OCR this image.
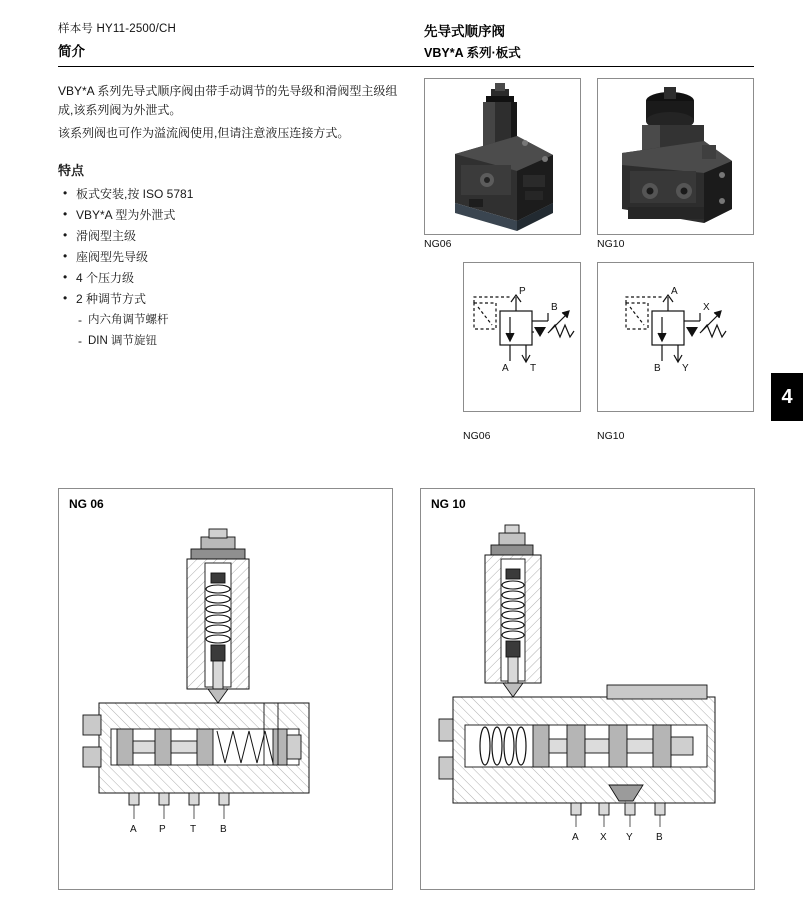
样本号 HY11-2500/CH
简介
先导式顺序阀
VBY*A 系列·板式

VBY*A 系列先导式顺序阀由带手动调节的先导级和滑阀型主级组成,该系列阀为外泄式。

该系列阀也可作为溢流阀使用,但请注意液压连接方式。

特点
• 板式安装,按 ISO 5781
• VBY*A 型为外泄式
• 滑阀型主级
• 座阀型先导级
• 4 个压力级
• 2 种调节方式
- 内六角调节螺杆
- DIN 调节旋钮
NG06	NG10
P
B
A T
NG06
A
X
B Y
NG10
4
NG 06
A P T B
NG 10
A X Y B
